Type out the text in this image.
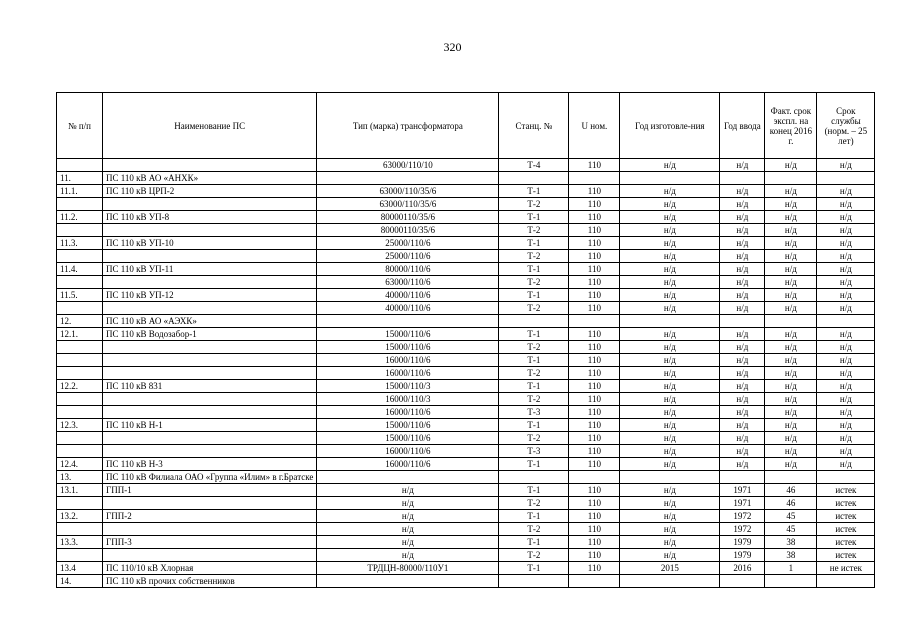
320
№ п/п	Наименование ПС	Тип (марка) трансформатора	Станц. №	U ном.	Год изготовле-ния	Год ввода	Факт. срок экспл. на конец 2016 г.	Срок службы (норм. – 25 лет)
		63000/110/10	Т-4	110	н/д	н/д	н/д	н/д
11.	ПС 110 кВ АО «АНХК»							
11.1.	ПС 110 кВ ЦРП-2	63000/110/35/6	Т-1	110	н/д	н/д	н/д	н/д
		63000/110/35/6	Т-2	110	н/д	н/д	н/д	н/д
11.2.	ПС 110 кВ УП-8	80000110/35/6	Т-1	110	н/д	н/д	н/д	н/д
		80000110/35/6	Т-2	110	н/д	н/д	н/д	н/д
11.3.	ПС 110 кВ УП-10	25000/110/6	Т-1	110	н/д	н/д	н/д	н/д
		25000/110/6	Т-2	110	н/д	н/д	н/д	н/д
11.4.	ПС 110 кВ УП-11	80000/110/6	Т-1	110	н/д	н/д	н/д	н/д
		63000/110/6	Т-2	110	н/д	н/д	н/д	н/д
11.5.	ПС 110 кВ УП-12	40000/110/6	Т-1	110	н/д	н/д	н/д	н/д
		40000/110/6	Т-2	110	н/д	н/д	н/д	н/д
12.	ПС 110 кВ АО «АЭХК»							
12.1.	ПС 110 кВ Водозабор-1	15000/110/6	Т-1	110	н/д	н/д	н/д	н/д
		15000/110/6	Т-2	110	н/д	н/д	н/д	н/д
		16000/110/6	Т-1	110	н/д	н/д	н/д	н/д
		16000/110/6	Т-2	110	н/д	н/д	н/д	н/д
12.2.	ПС 110 кВ 831	15000/110/3	Т-1	110	н/д	н/д	н/д	н/д
		16000/110/3	Т-2	110	н/д	н/д	н/д	н/д
		16000/110/6	Т-3	110	н/д	н/д	н/д	н/д
12.3.	ПС 110 кВ Н-1	15000/110/6	Т-1	110	н/д	н/д	н/д	н/д
		15000/110/6	Т-2	110	н/д	н/д	н/д	н/д
		16000/110/6	Т-3	110	н/д	н/д	н/д	н/д
12.4.	ПС 110 кВ Н-3	16000/110/6	Т-1	110	н/д	н/д	н/д	н/д
13.	ПС 110 кВ Филиала ОАО «Группа «Илим» в г.Братске							
13.1.	ГПП-1	н/д	Т-1	110	н/д	1971	46	истек
		н/д	Т-2	110	н/д	1971	46	истек
13.2.	ГПП-2	н/д	Т-1	110	н/д	1972	45	истек
		н/д	Т-2	110	н/д	1972	45	истек
13.3.	ГПП-3	н/д	Т-1	110	н/д	1979	38	истек
		н/д	Т-2	110	н/д	1979	38	истек
13.4	ПС 110/10 кВ Хлорная	ТРДЦН-80000/110У1	Т-1	110	2015	2016	1	не истек
14.	ПС 110 кВ прочих собственников							
